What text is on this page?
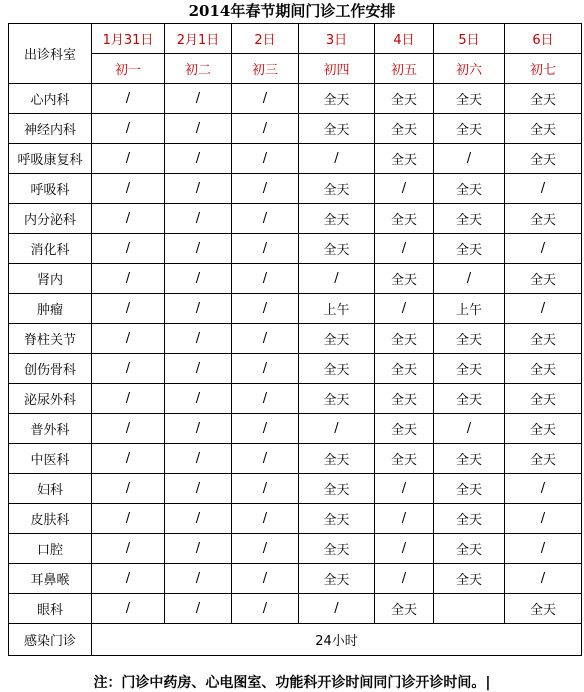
2014年春节期间门诊工作安排
出诊科室	1月31日	2月1日	2日	3日	4日	5日	6日
	初一	初二	初三	初四	初五	初六	初七
心内科	/	/	/	全天	全天	全天	全天
神经内科	/	/	/	全天	全天	全天	全天
呼吸康复科	/	/	/	/	全天	/	全天
呼吸科	/	/	/	全天	/	全天	/
内分泌科	/	/	/	全天	全天	全天	全天
消化科	/	/	/	全天	/	全天	/
肾内	/	/	/	/	全天	/	全天
肿瘤	/	/	/	上午	/	上午	/
脊柱关节	/	/	/	全天	全天	全天	全天
创伤骨科	/	/	/	全天	全天	全天	全天
泌尿外科	/	/	/	全天	全天	全天	全天
普外科	/	/	/	/	全天	/	全天
中医科	/	/	/	全天	全天	全天	全天
妇科	/	/	/	全天	/	全天	/
皮肤科	/	/	/	全天	/	全天	/
口腔	/	/	/	全天	/	全天	/
耳鼻喉	/	/	/	全天	/	全天	/
眼科	/	/	/	/	全天		全天
感染门诊	24小时						
注：门诊中药房、心电图室、功能科开诊时间同门诊开诊时间。|
